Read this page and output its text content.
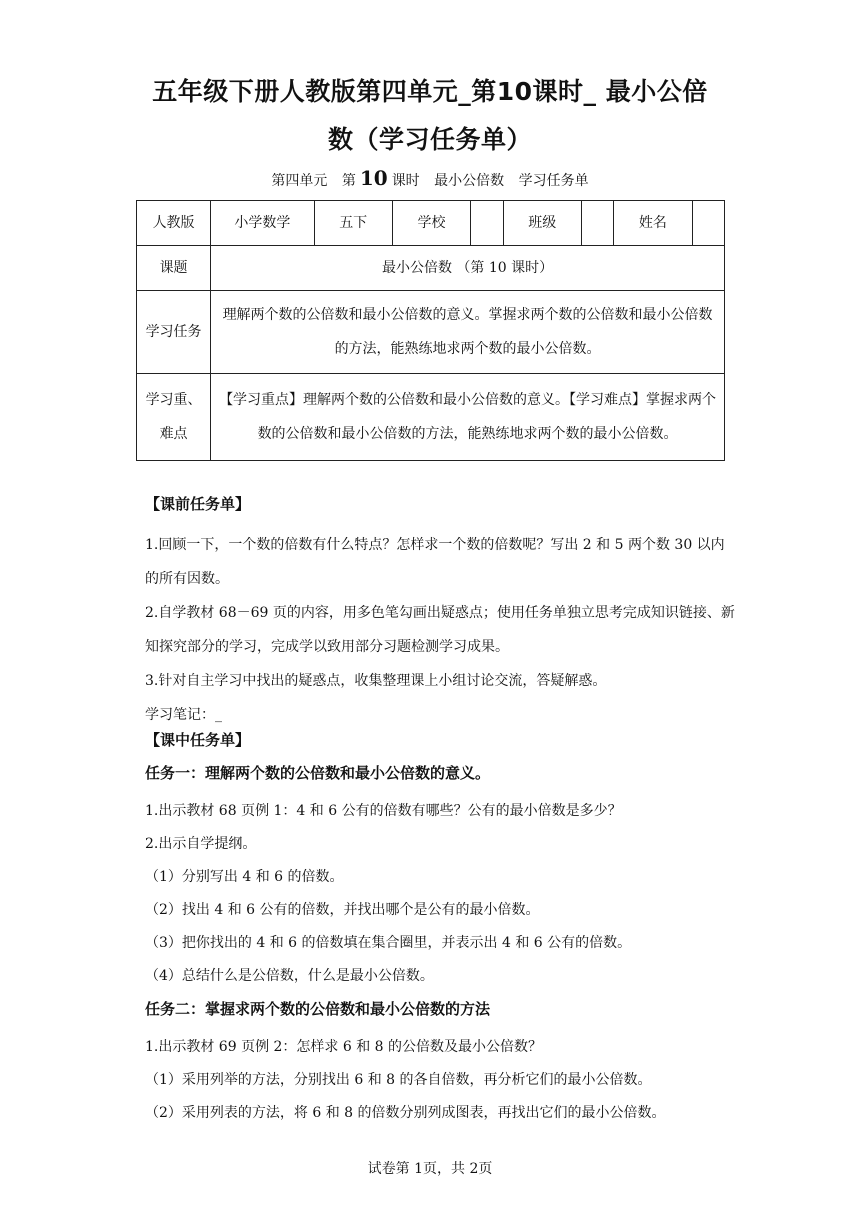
五年级下册人教版第四单元_第10课时_ 最小公倍
数（学习任务单）
第四单元 第 10 课时 最小公倍数 学习任务单
人教版	小学数学	五下	学校		班级		姓名	
课题	最小公倍数 （第 10 课时）							
学习任务	理解两个数的公倍数和最小公倍数的意义。掌握求两个数的公倍数和最小公倍数的方法，能熟练地求两个数的最小公倍数。							
学习重、难点	【学习重点】理解两个数的公倍数和最小公倍数的意义。【学习难点】掌握求两个数的公倍数和最小公倍数的方法，能熟练地求两个数的最小公倍数。							
【课前任务单】
1.回顾一下，一个数的倍数有什么特点？怎样求一个数的倍数呢？写出 2 和 5 两个数 30 以内的所有因数。
2.自学教材 68－69 页的内容，用多色笔勾画出疑惑点；使用任务单独立思考完成知识链接、新知探究部分的学习，完成学以致用部分习题检测学习成果。
3.针对自主学习中找出的疑惑点，收集整理课上小组讨论交流，答疑解惑。
学习笔记：_
【课中任务单】
任务一：理解两个数的公倍数和最小公倍数的意义。
1.出示教材 68 页例 1：4 和 6 公有的倍数有哪些？公有的最小倍数是多少？
2.出示自学提纲。
（1）分别写出 4 和 6 的倍数。
（2）找出 4 和 6 公有的倍数，并找出哪个是公有的最小倍数。
（3）把你找出的 4 和 6 的倍数填在集合圈里，并表示出 4 和 6 公有的倍数。
（4）总结什么是公倍数，什么是最小公倍数。
任务二：掌握求两个数的公倍数和最小公倍数的方法
1.出示教材 69 页例 2：怎样求 6 和 8 的公倍数及最小公倍数？
（1）采用列举的方法，分别找出 6 和 8 的各自倍数，再分析它们的最小公倍数。
（2）采用列表的方法，将 6 和 8 的倍数分别列成图表，再找出它们的最小公倍数。
试卷第 1页，共 2页
